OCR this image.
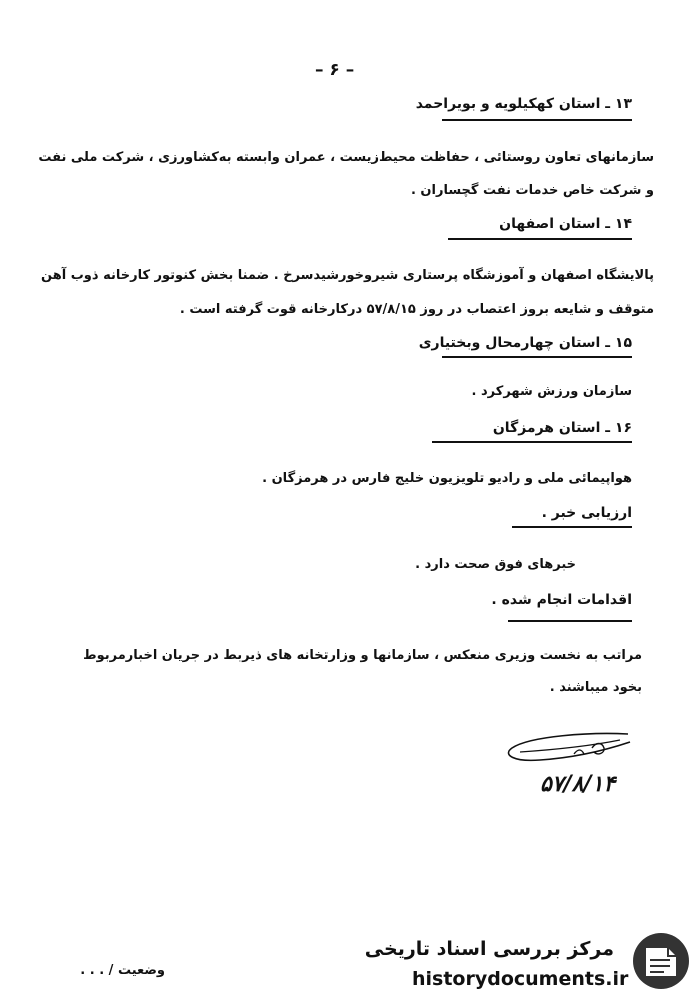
– ۶ –
۱۳ ـ استان کهکیلویه و بویراحمد
سازمانهای تعاون روستائی ، حفاظت محیط‌زیست ، عمران وابسته به‌کشاورزی ، شرکت ملی نفت
و شرکت خاص خدمات نفت گچساران .
۱۴ ـ استان اصفهان
پالایشگاه اصفهان و آموزشگاه پرستاری شیروخورشیدسرخ . ضمنا بخش کنوتور کارخانه ذوب آهن
متوقف و شایعه بروز اعتصاب در روز ۵۷/۸/۱۵ درکارخانه قوت گرفته است .
۱۵ ـ استان چهارمحال وبختیاری
سازمان ورزش شهرکرد .
۱۶ ـ استان هرمزگان
هواپیمائی ملی و رادیو تلویزیون خلیج فارس در هرمزگان .
ارزیابی خبر .
خبرهای فوق صحت دارد .
اقدامات انجام شده .
مراتب به نخست وزیری منعکس ، سازمانها و وزارتخانه های ذیربط در جریان اخبارمربوط
بخود میباشند .
۵۷/۸/۱۴
وضعیت / . . .
مرکز بررسی اسناد تاریخی
historydocuments.ir
